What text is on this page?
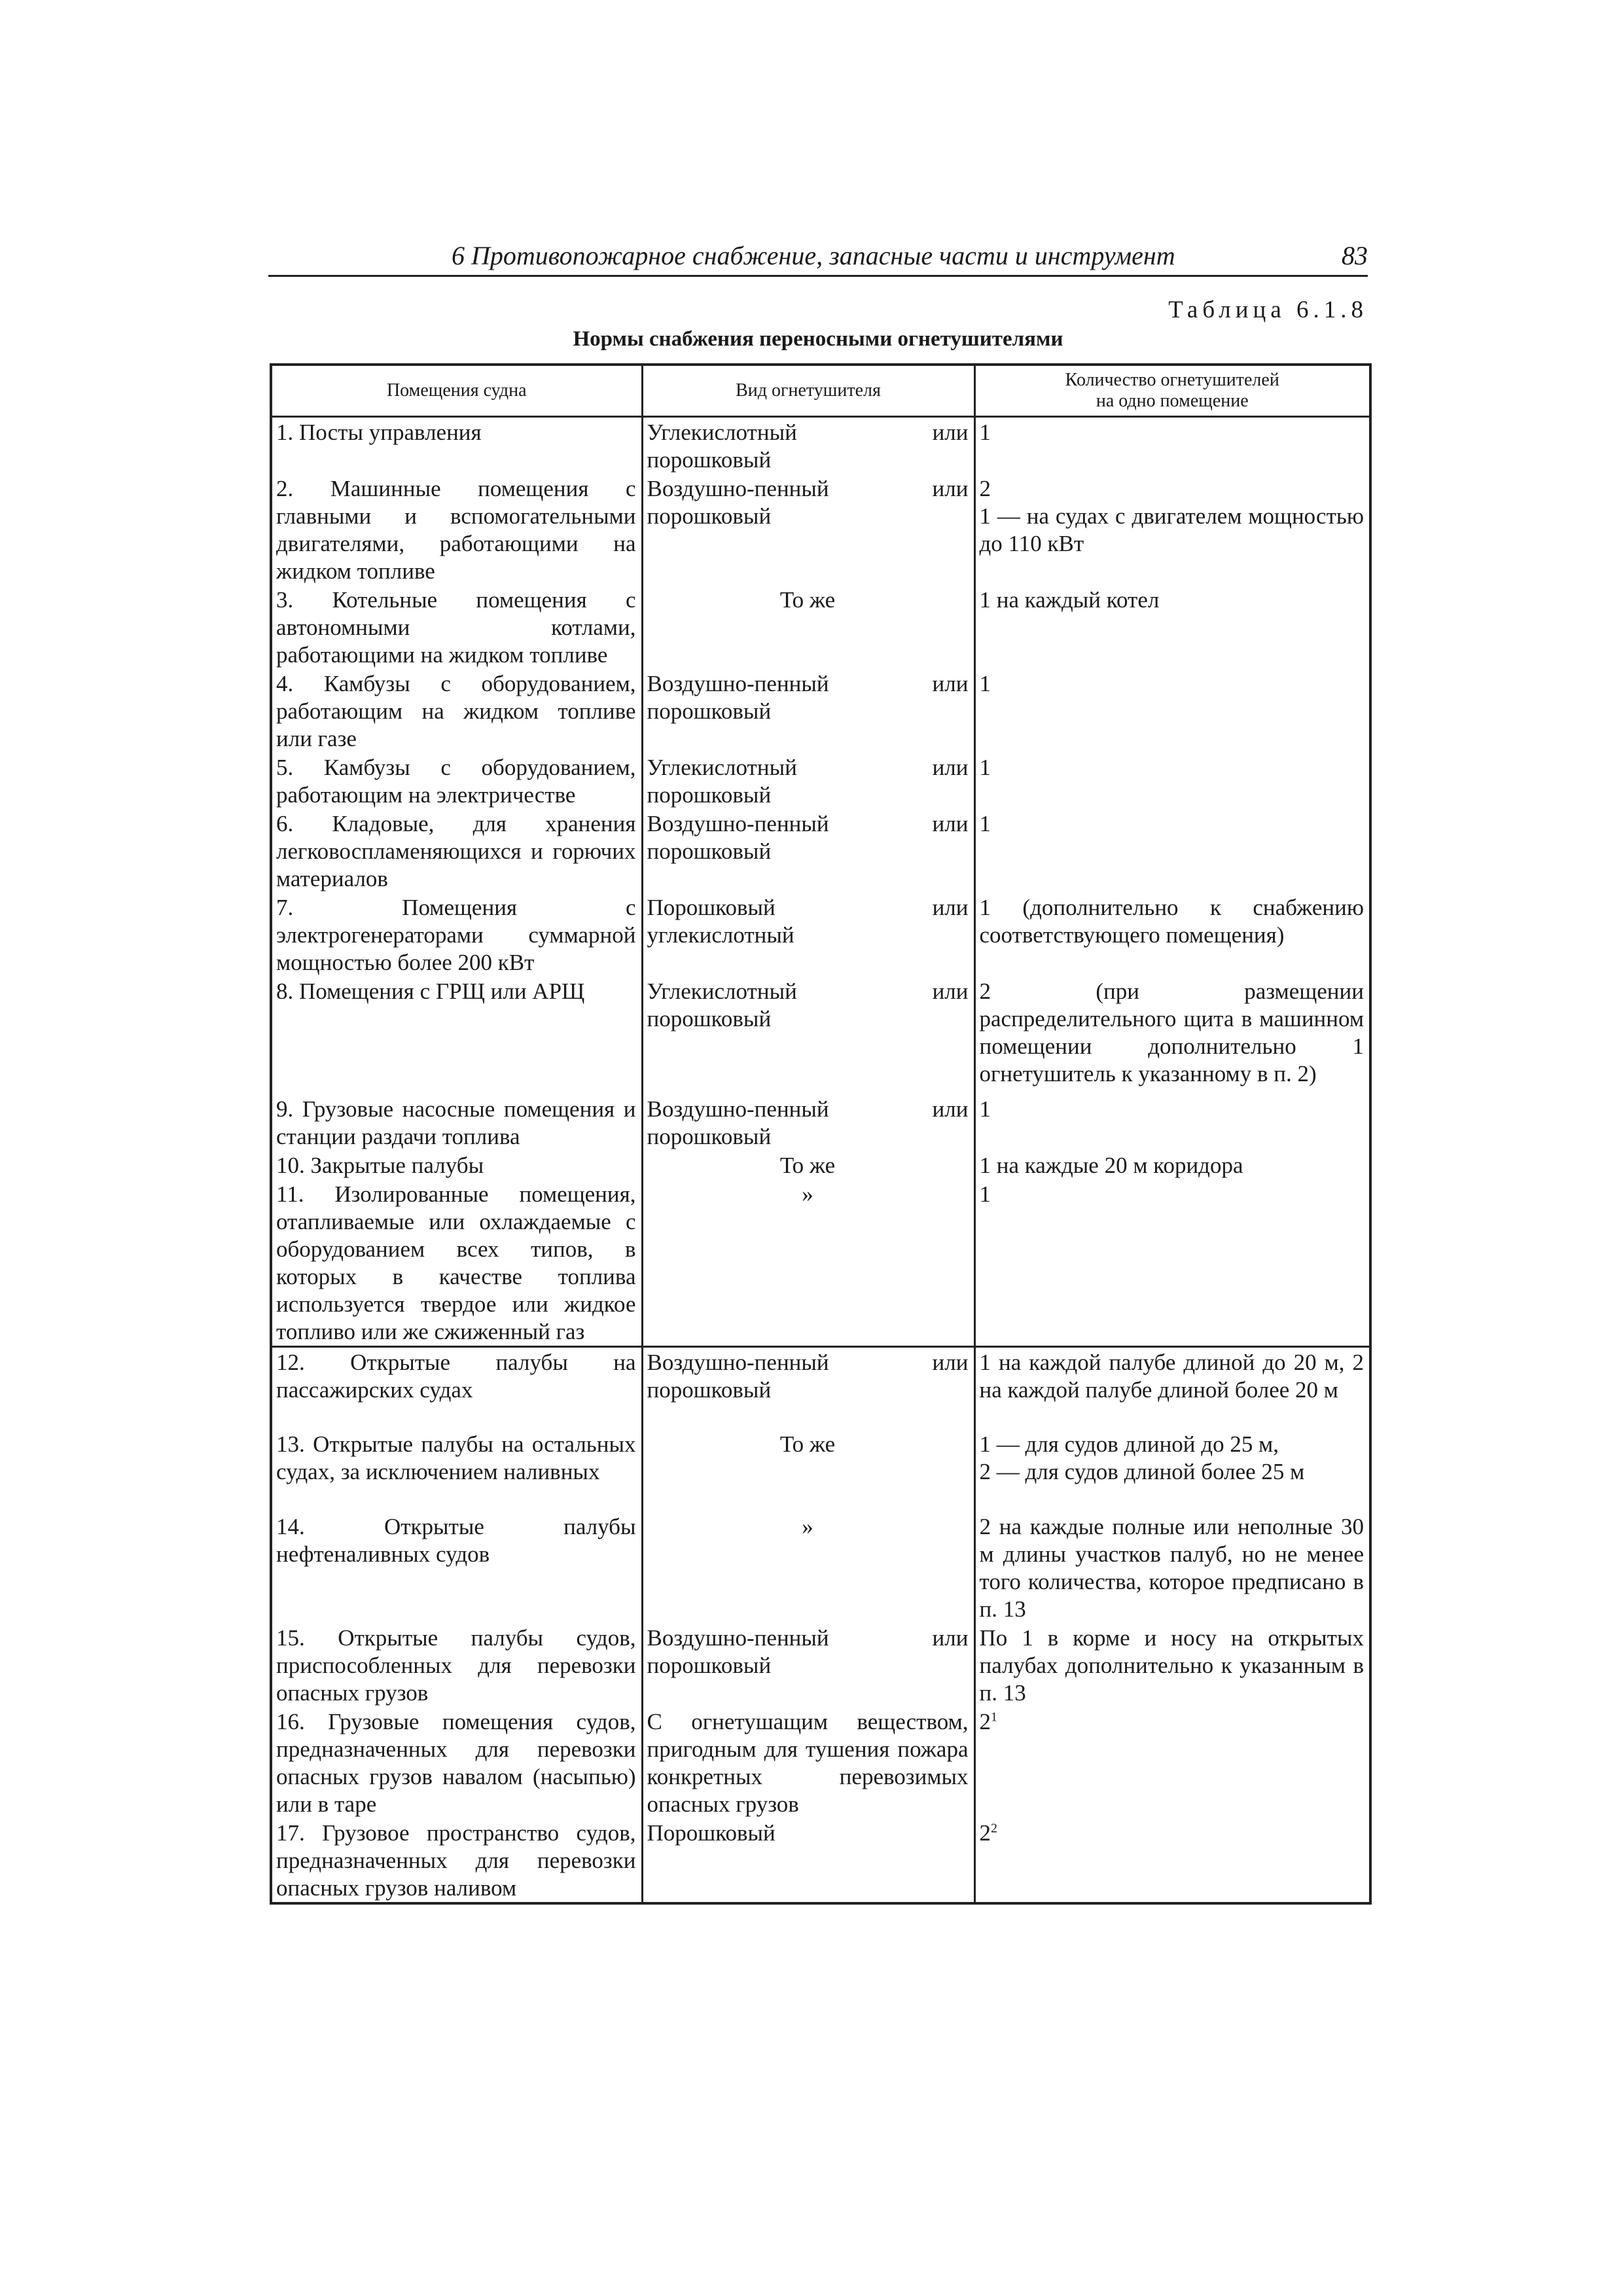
6 Противопожарное снабжение, запасные части и инструмент	83
Таблица 6.1.8
Нормы снабжения переносными огнетушителями
Помещения судна	Вид огнетушителя	Количество огнетушителей
на одно помещение
1. Посты управления	Углекислотный или порошковый	1
2. Машинные помещения с главными и вспомогательными двигателями, работающими на жидком топливе	Воздушно-пенный или порошковый	2
1 — на судах с двигателем мощностью до 110 кВт
3. Котельные помещения с автономными котлами, работающими на жидком топливе	То же	1 на каждый котел
4. Камбузы с оборудованием, работающим на жидком топливе или газе	Воздушно-пенный или порошковый	1
5. Камбузы с оборудованием, работающим на электричестве	Углекислотный или порошковый	1
6. Кладовые, для хранения легковоспламеняющихся и горючих материалов	Воздушно-пенный или порошковый	1
7. Помещения с электрогенераторами суммарной мощностью более 200 кВт	Порошковый или углекислотный	1 (дополнительно к снабжению соответствующего помещения)
8. Помещения с ГРЩ или АРЩ	Углекислотный или порошковый	2 (при размещении распределительного щита в машинном помещении дополнительно 1 огнетушитель к указанному в п. 2)
9. Грузовые насосные помещения и станции раздачи топлива	Воздушно-пенный или порошковый	1
10. Закрытые палубы	То же	1 на каждые 20 м коридора
11. Изолированные помещения, отапливаемые или охлаждаемые с оборудованием всех типов, в которых в качестве топлива используется твердое или жидкое топливо или же сжиженный газ	»	1
12. Открытые палубы на пассажирских судах	Воздушно-пенный или порошковый	1 на каждой палубе длиной до 20 м, 2 на каждой палубе длиной более 20 м
13. Открытые палубы на остальных судах, за исключением наливных	То же	1 — для судов длиной до 25 м,
2 — для судов длиной более 25 м
14. Открытые палубы нефтеналивных судов	»	2 на каждые полные или неполные 30 м длины участков палуб, но не менее того количества, которое предписано в п. 13
15. Открытые палубы судов, приспособленных для перевозки опасных грузов	Воздушно-пенный или порошковый	По 1 в корме и носу на открытых палубах дополнительно к указанным в п. 13
16. Грузовые помещения судов, предназначенных для перевозки опасных грузов навалом (насыпью) или в таре	С огнетушащим веществом, пригодным для тушения пожара конкретных перевозимых опасных грузов	$2^1$
17. Грузовое пространство судов, предназначенных для перевозки опасных грузов наливом	Порошковый	$2^2$
